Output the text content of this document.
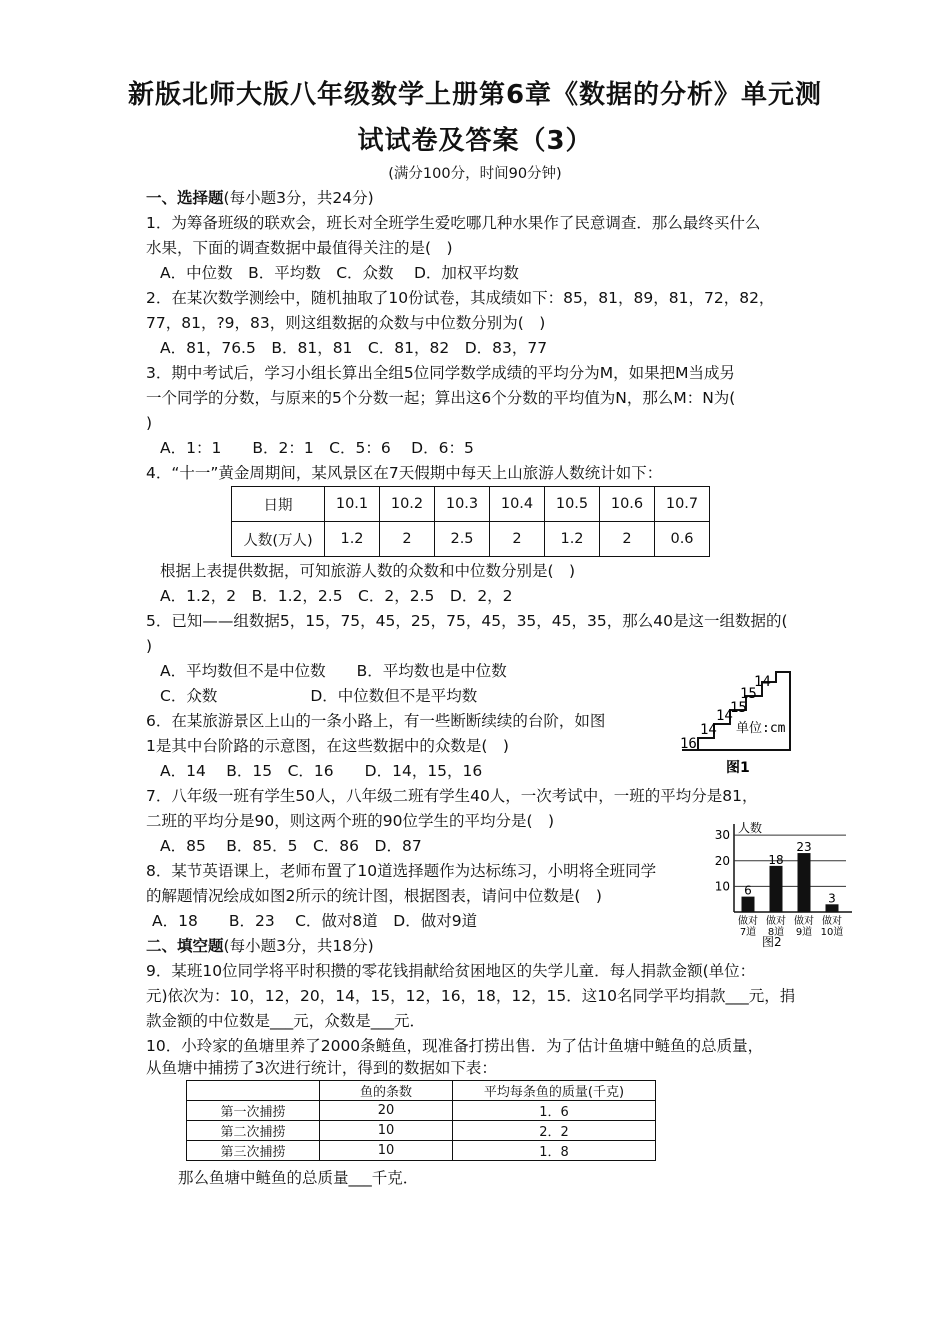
新版北师大版八年级数学上册第6章《数据的分析》单元测
试试卷及答案（3）
(满分100分，时间90分钟)
一、选择题(每小题3分，共24分)
1．为筹备班级的联欢会，班长对全班学生爱吃哪几种水果作了民意调查．那么最终买什么
水果，下面的调查数据中最值得关注的是(　)
A．中位数　B．平均数　C．众数　 D．加权平均数
2．在某次数学测绘中，随机抽取了10份试卷，其成绩如下：85，81，89，81，72，82，
77，81，?9，83，则这组数据的众数与中位数分别为(　)
A．81，76.5　B．81，81　C．81，82　D．83，77
3．期中考试后，学习小组长算出全组5位同学数学成绩的平均分为M，如果把M当成另
一个同学的分数，与原来的5个分数一起；算出这6个分数的平均值为N，那么M：N为(
)
A．1：1　　B．2：1　C．5：6　 D．6：5
4．“十一”黄金周期间，某风景区在7天假期中每天上山旅游人数统计如下：
日期	10.1	10.2	10.3	10.4	10.5	10.6	10.7
人数(万人)	1.2	2	2.5	2	1.2	2	0.6
根据上表提供数据，可知旅游人数的众数和中位数分别是(　)
A．1.2，2　B．1.2，2.5　C．2，2.5　D．2，2
5．已知——组数据5，15，75，45，25，75，45，35，45，35，那么40是这一组数据的(
)
A．平均数但不是中位数　　B．平均数也是中位数
C．众数　　　　　　D．中位数但不是平均数
6．在某旅游景区上山的一条小路上，有一些断断续续的台阶，如图
1是其中台阶路的示意图，在这些数据中的众数是(　)
A．14　 B．15　C．16　　D．14，15，16
16
14
14
15
15
14
单位:cm
图1
7．八年级一班有学生50人，八年级二班有学生40人，一次考试中，一班的平均分是81，
二班的平均分是90，则这两个班的90位学生的平均分是(　)
A．85　 B．85．5　C．86　D．87
人数
10
20
30
6
做对
7道
18
做对
8道
23
做对
9道
3
做对
10道
图2
8．某节英语课上，老师布置了10道选择题作为达标练习，小明将全班同学
的解题情况绘成如图2所示的统计图，根据图表，请问中位数是(　)
A．18　　B．23　 C．做对8道　D．做对9道
二、填空题(每小题3分，共18分)
9．某班10位同学将平时积攒的零花钱捐献给贫困地区的失学儿童．每人捐款金额(单位：
元)依次为：10，12，20，14，15，12，16，18，12，15．这10名同学平均捐款___元，捐
款金额的中位数是___元，众数是___元．
10．小玲家的鱼塘里养了2000条鲢鱼，现准备打捞出售．为了估计鱼塘中鲢鱼的总质量，
从鱼塘中捕捞了3次进行统计，得到的数据如下表：
	鱼的条数	平均每条鱼的质量(千克)
第一次捕捞	20	1．6
第二次捕捞	10	2．2
第三次捕捞	10	1．8
那么鱼塘中鲢鱼的总质量___千克．
